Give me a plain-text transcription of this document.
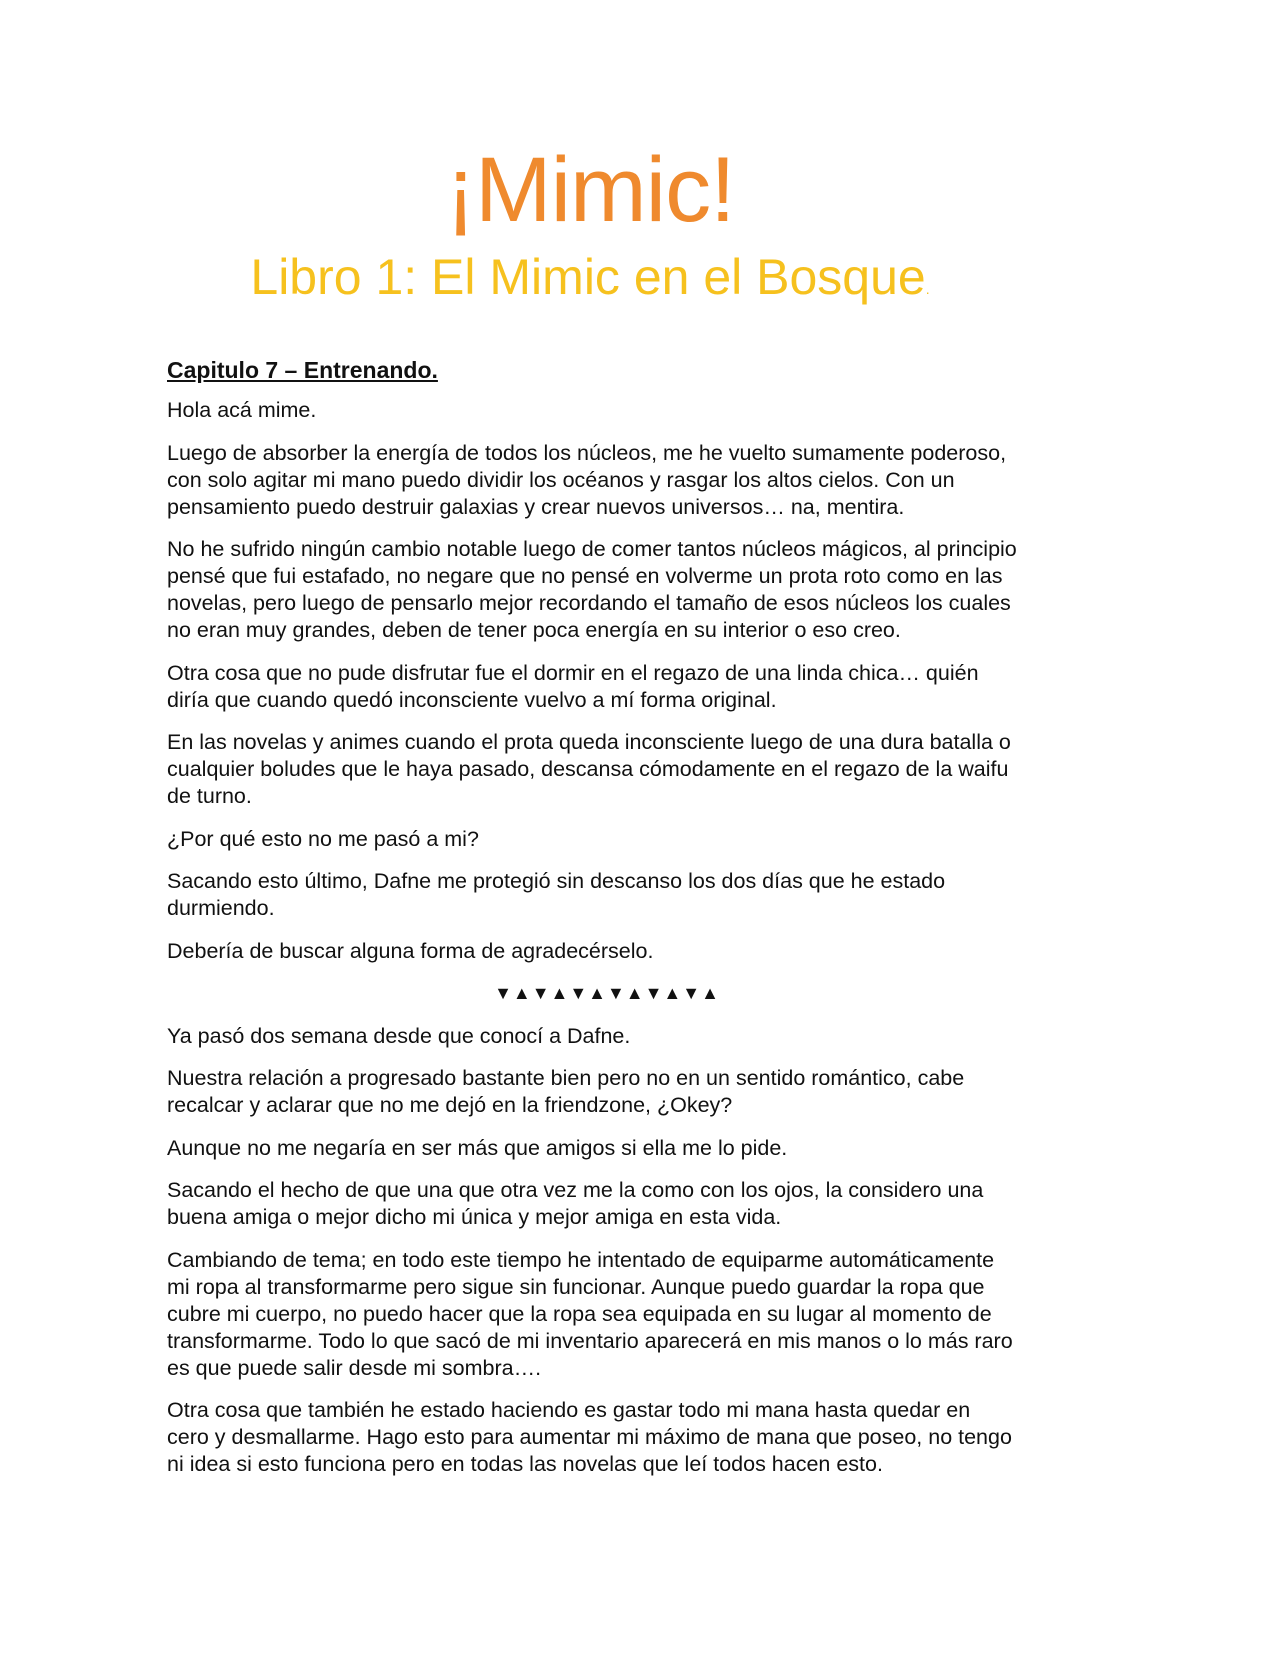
¡Mimic!
Libro 1: El Mimic en el Bosque.
Capitulo 7 – Entrenando.

Hola acá mime.

Luego de absorber la energía de todos los núcleos, me he vuelto sumamente poderoso, con solo agitar mi mano puedo dividir los océanos y rasgar los altos cielos. Con un pensamiento puedo destruir galaxias y crear nuevos universos… na, mentira.

No he sufrido ningún cambio notable luego de comer tantos núcleos mágicos, al principio pensé que fui estafado, no negare que no pensé en volverme un prota roto como en las novelas, pero luego de pensarlo mejor recordando el tamaño de esos núcleos los cuales no eran muy grandes, deben de tener poca energía en su interior o eso creo.

Otra cosa que no pude disfrutar fue el dormir en el regazo de una linda chica… quién diría que cuando quedó inconsciente vuelvo a mí forma original.

En las novelas y animes cuando el prota queda inconsciente luego de una dura batalla o cualquier boludes que le haya pasado, descansa cómodamente en el regazo de la waifu de turno.

¿Por qué esto no me pasó a mi?

Sacando esto último, Dafne me protegió sin descanso los dos días que he estado durmiendo.

Debería de buscar alguna forma de agradecérselo.

▼▲▼▲▼▲▼▲▼▲▼▲

Ya pasó dos semana desde que conocí a Dafne.

Nuestra relación a progresado bastante bien pero no en un sentido romántico, cabe recalcar y aclarar que no me dejó en la friendzone, ¿Okey?

Aunque no me negaría en ser más que amigos si ella me lo pide.

Sacando el hecho de que una que otra vez me la como con los ojos, la considero una buena amiga o mejor dicho mi única y mejor amiga en esta vida.

Cambiando de tema; en todo este tiempo he intentado de equiparme automáticamente mi ropa al transformarme pero sigue sin funcionar. Aunque puedo guardar la ropa que cubre mi cuerpo, no puedo hacer que la ropa sea equipada en su lugar al momento de transformarme. Todo lo que sacó de mi inventario aparecerá en mis manos o lo más raro es que puede salir desde mi sombra….

Otra cosa que también he estado haciendo es gastar todo mi mana hasta quedar en cero y desmallarme. Hago esto para aumentar mi máximo de mana que poseo, no tengo ni idea si esto funciona pero en todas las novelas que leí todos hacen esto.
